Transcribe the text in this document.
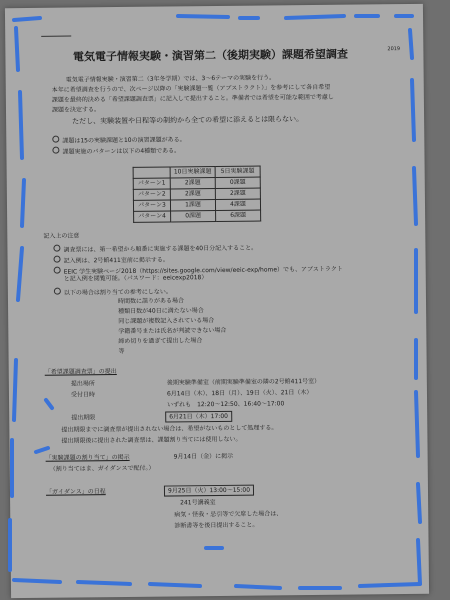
2019
電気電子情報実験・演習第二（後期実験）課題希望調査
電気電子情報実験・演習第二（3年冬学期）では、3〜6テーマの実験を行う。
本年に希望調査を行うので、次ページ以降の「実験課題一覧（アブストラクト）」を参考にして各自希望
課題を最終的決める「希望課題調査票」に記入して提出すること。準備者では希望を可能な範囲で考慮し
課題を決定する。
ただし、実験装置や日程等の制約から全ての希望に添えるとは限らない。
課題は15の実験課題と10の演習課題がある。
課題実施のパターンは以下の4種類である。
	10日実験課題	5日実験課題
パターン1	2課題	0課題
パターン2	2課題	2課題
パターン3	1課題	4課題
パターン4	0課題	6課題
記入上の注意
調査票には、第一希望から順番に実施する課題を40日分記入すること。
記入例は、2号館411室前に掲示する。
EEIC 学生実験ページ2018（https://sites.google.com/view/eeic-exp/home）でも、アブストラクト
と記入例を閲覧可能。（パスワード：eeicexp2018）
以下の場合は割り当ての参考にしない。
時間数に誤りがある場合
種類日数が40日に満たない場合
同じ課題が複数記入されている場合
学籍番号または氏名が判読できない場合
締め切りを過ぎて提出した場合
等
「希望課題調査票」の提出
提出場所	後期実験準備室（前期実験準備室の隣の2号館411号室）
受付日時	6月14日（木）、18日（月）、19日（火）、21日（木）
いずれも　12:20〜12:50、16:40〜17:00
提出期限	6月21日（木）17:00
提出期限までに調査票が提出されない場合は、希望がないものとして処理する。
提出期限後に提出された調査票は、課題割り当てには使用しない。
「実験課題の割り当て」の掲示	9月14日（金）に掲示
（割り当てはま、ガイダンスで配付。）
「ガイダンス」の日程	9月25日（火）13:00〜15:00
241号講義室
病気・怪我・忌引等で欠席した場合は、
診断書等を後日提出すること。
